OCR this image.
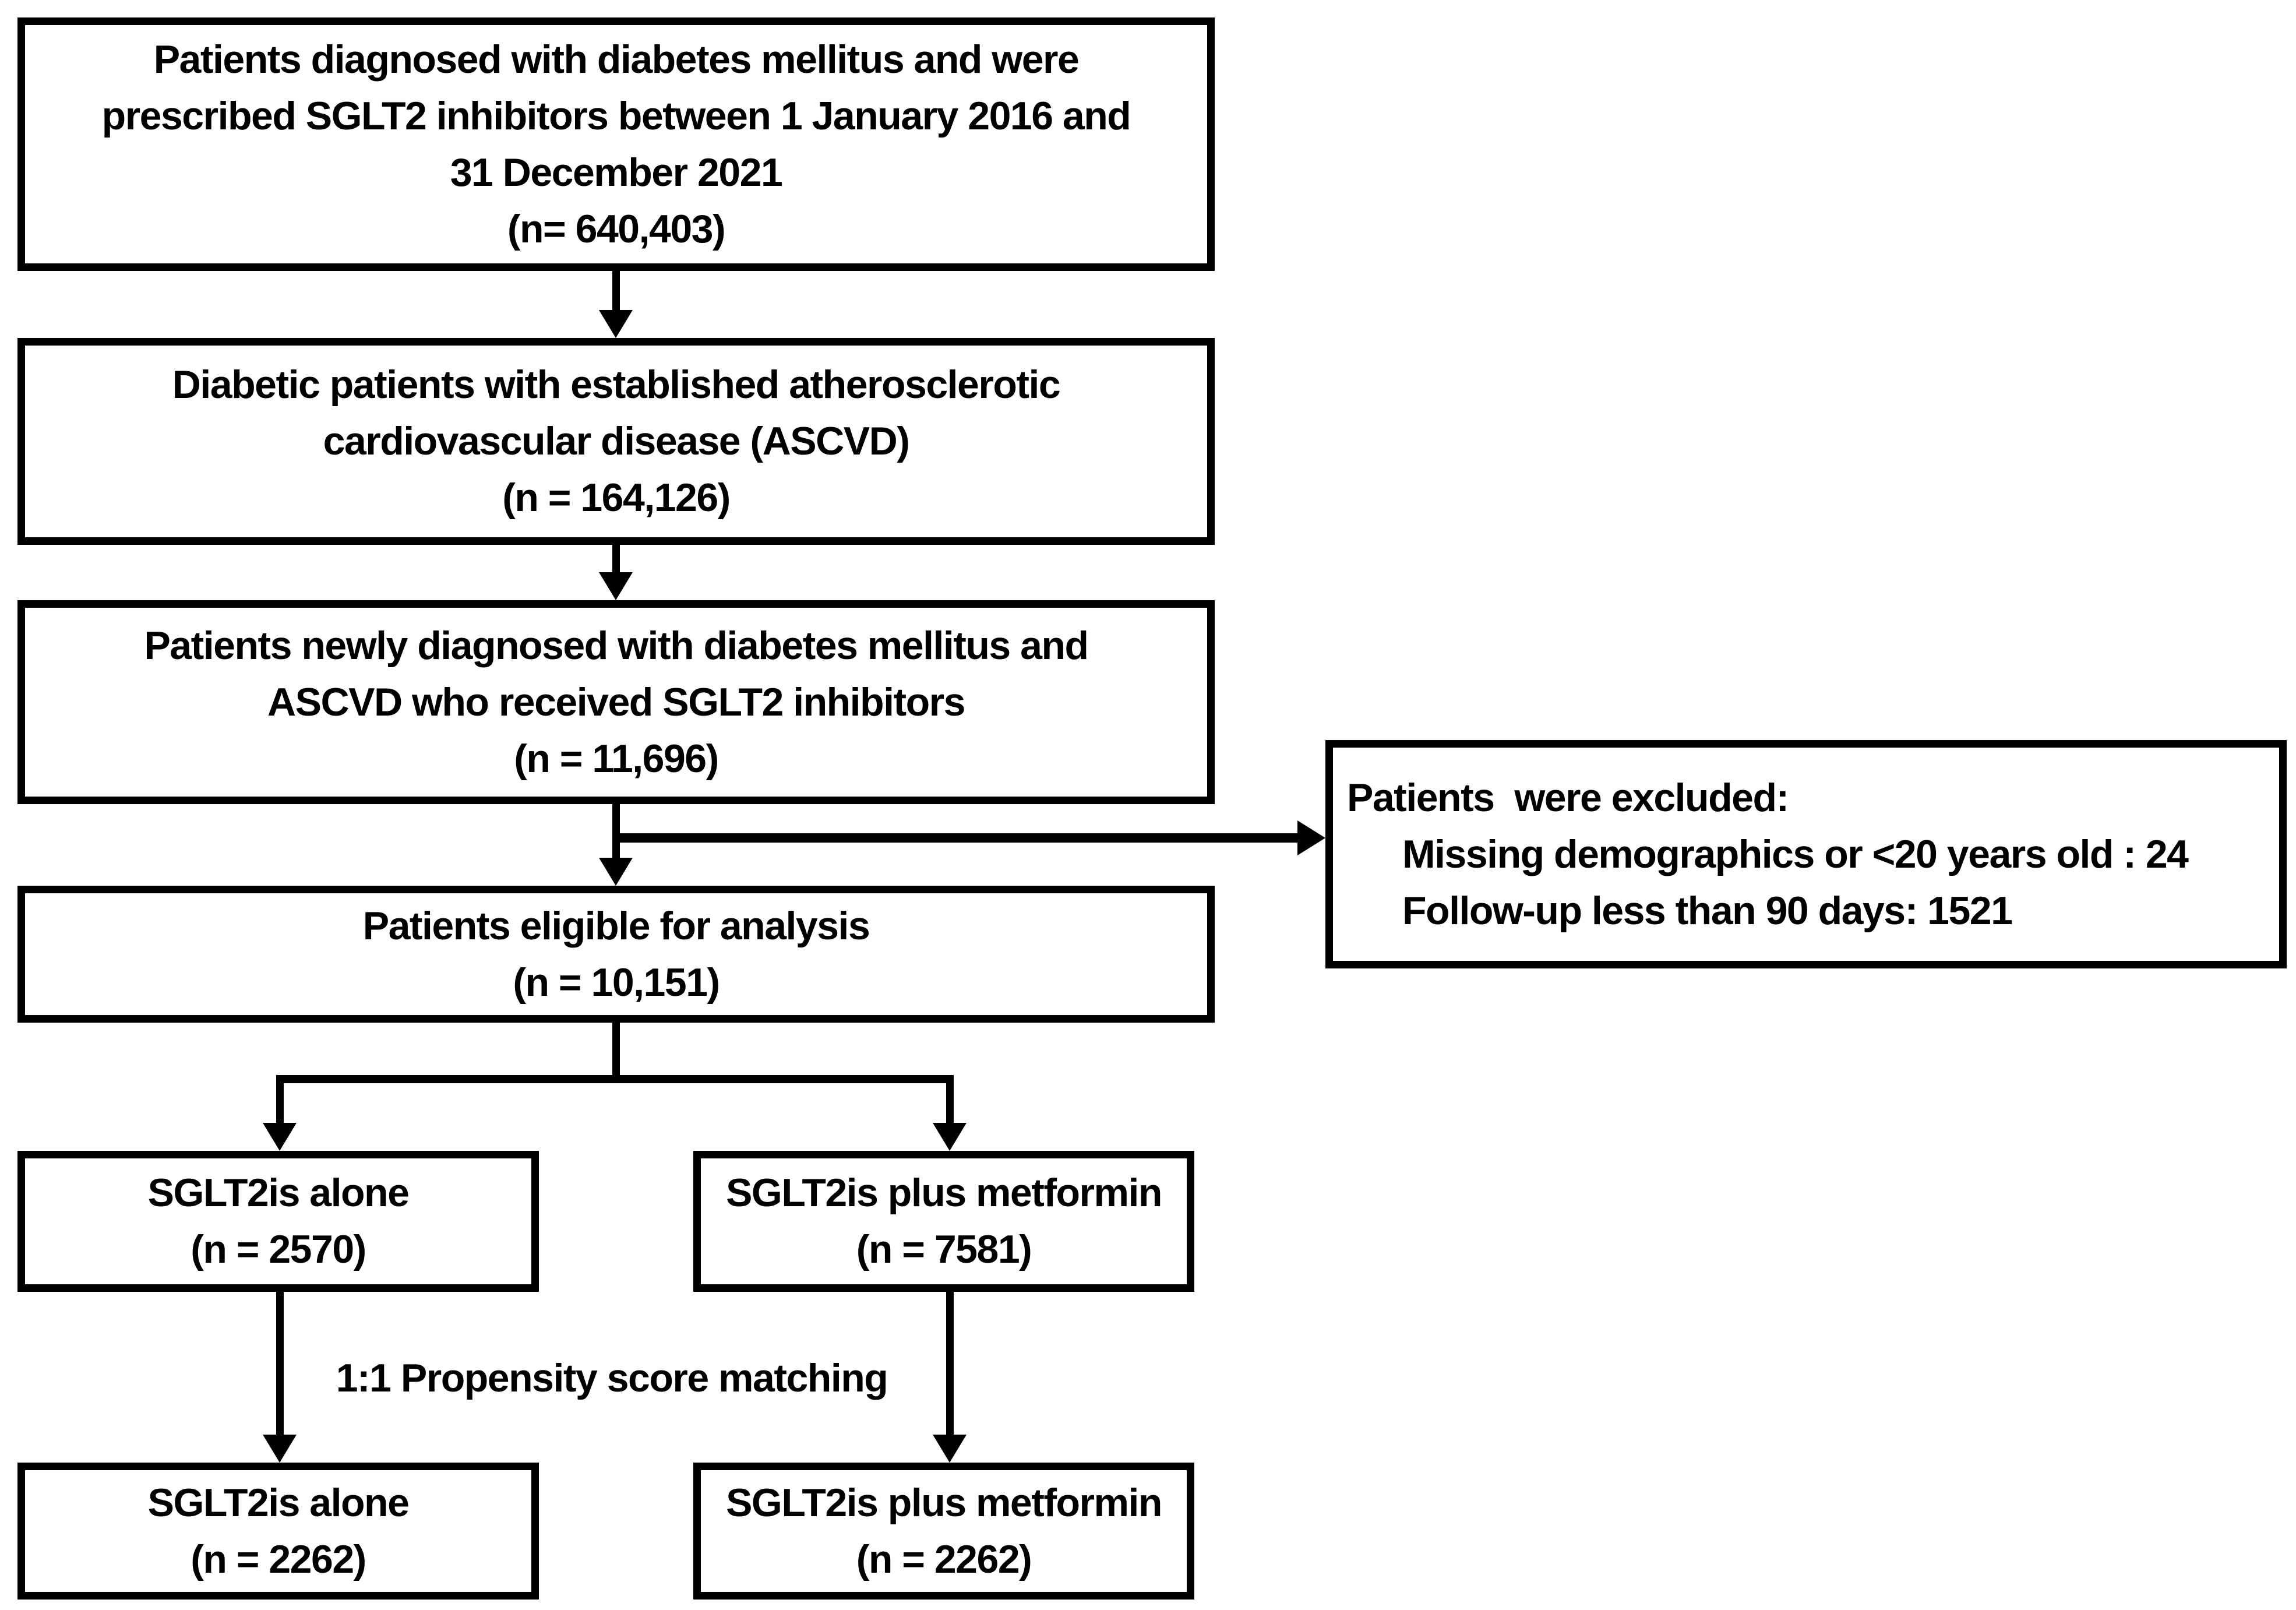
Patients diagnosed with diabetes mellitus and were
prescribed SGLT2 inhibitors between 1 January 2016 and
31 December 2021
(n= 640,403)
Diabetic patients with established atherosclerotic
cardiovascular disease (ASCVD)
(n = 164,126)
Patients newly diagnosed with diabetes mellitus and
ASCVD who received SGLT2 inhibitors
(n = 11,696)
Patients  were excluded:
Missing demographics or <20 years old : 24
Follow-up less than 90 days: 1521
Patients eligible for analysis
(n = 10,151)
SGLT2is alone
(n = 2570)
SGLT2is plus metformin
(n = 7581)
1:1 Propensity score matching
SGLT2is alone
(n = 2262)
SGLT2is plus metformin
(n = 2262)
